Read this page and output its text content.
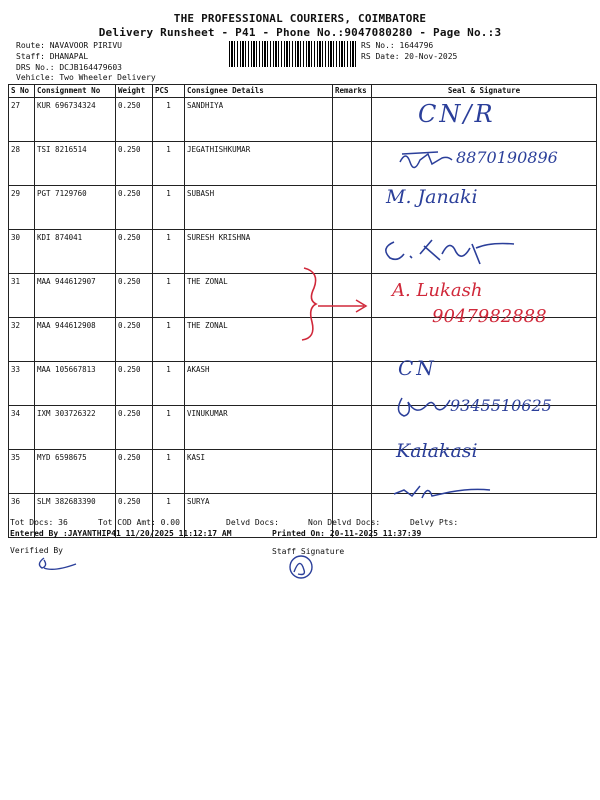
THE PROFESSIONAL COURIERS, COIMBATORE
Delivery Runsheet - P41 - Phone No.:9047080280 - Page No.:3
Route: NAVAVOOR PIRIVU
Staff: DHANAPAL
DRS No.: DCJB164479603
Vehicle: Two Wheeler Delivery
RS No.: 1644796
RS Date: 20-Nov-2025
S No	Consignment No	Weight	PCS	Consignee Details	Remarks	Seal & Signature
27	KUR 696734324	0.250	1	SANDHIYA		
28	TSI 8216514	0.250	1	JEGATHISHKUMAR		
29	PGT 7129760	0.250	1	SUBASH		
30	KDI 874041	0.250	1	SURESH KRISHNA		
31	MAA 944612907	0.250	1	THE ZONAL		
32	MAA 944612908	0.250	1	THE ZONAL		
33	MAA 105667813	0.250	1	AKASH		
34	IXM 303726322	0.250	1	VINUKUMAR		
35	MYD 6598675	0.250	1	KASI		
36	SLM 382683390	0.250	1	SURYA		
CN/R
8870190896
M. Janaki
A. Lukash
9047982888
CN
9345510625
Kalakasi
Tot Docs: 36	Tot COD Amt: 0.00	Delvd Docs:	Non Delvd Docs:	Delvy Pts:
Entered By :JAYANTHIP41 11/20/2025 11:12:17 AM	Printed On: 20-11-2025 11:37:39
Verified By	Staff Signature
